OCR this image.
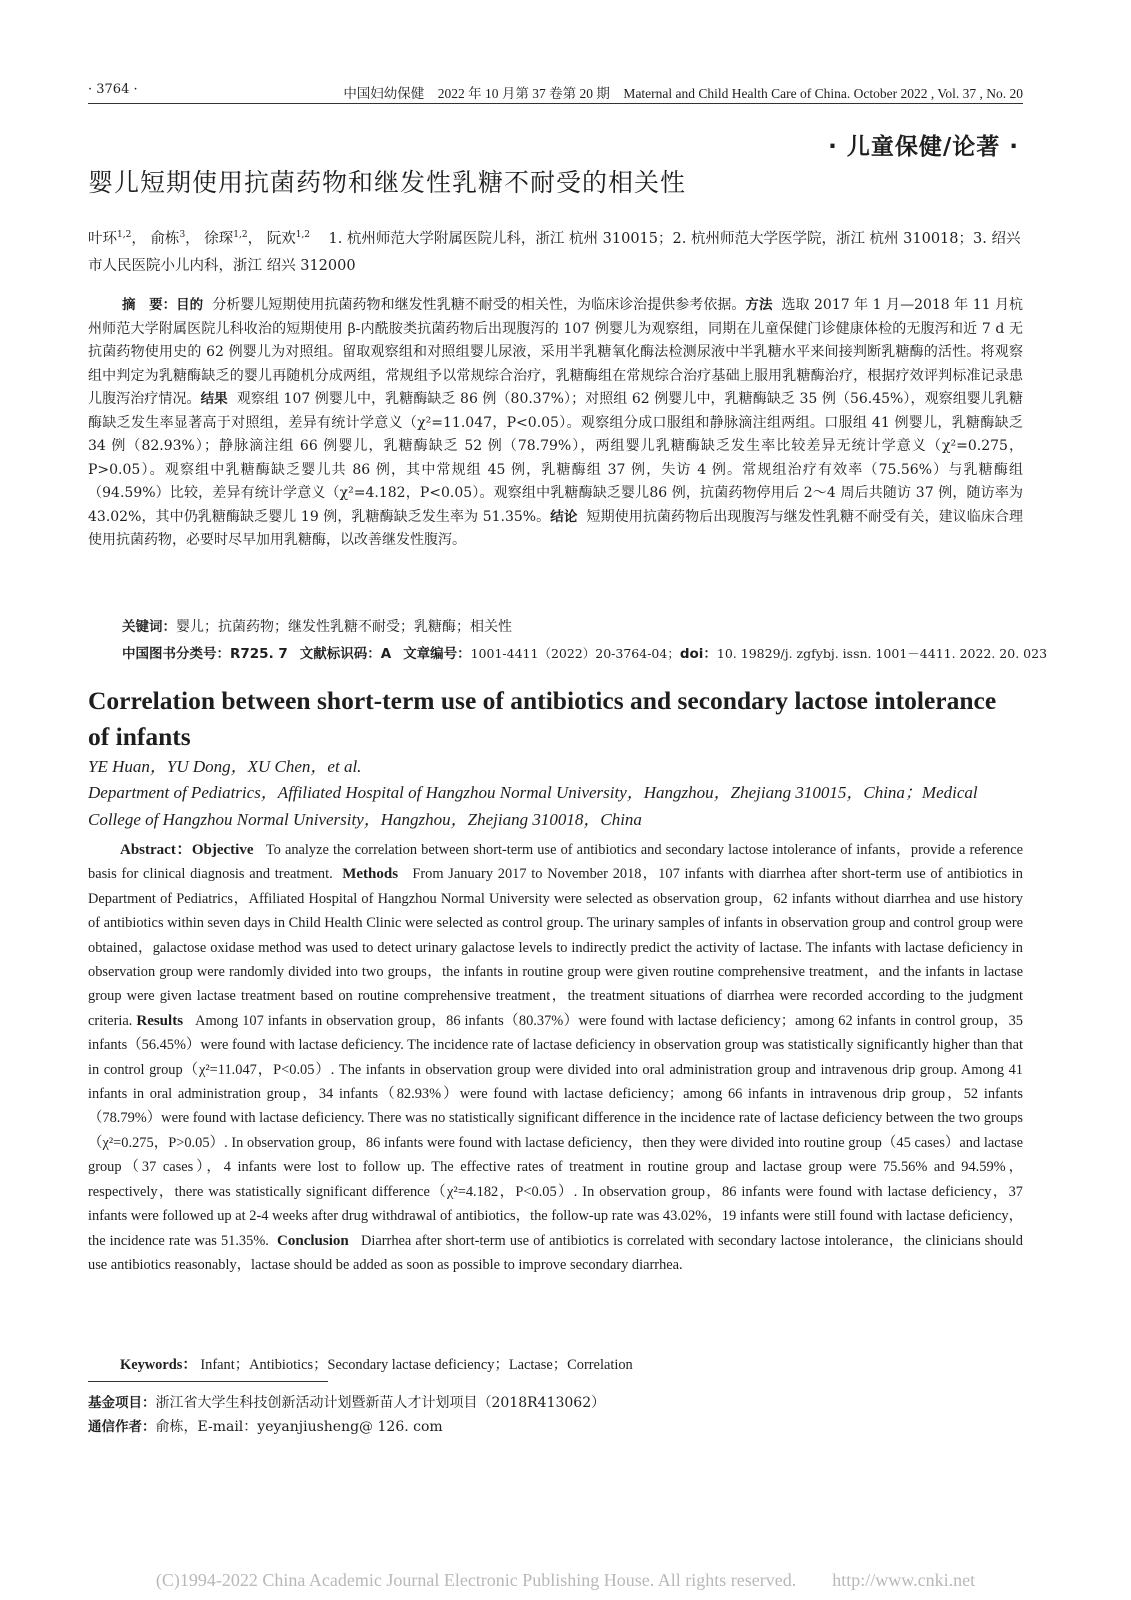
· 3764 ·	中国妇幼保健　2022 年 10 月第 37 卷第 20 期　Maternal and Child Health Care of China. October 2022 , Vol. 37 , No. 20
· 儿童保健/论著 ·
婴儿短期使用抗菌药物和继发性乳糖不耐受的相关性
叶环$^{1,2}$， 俞栋$^3$， 徐琛$^{1,2}$， 阮欢$^{1,2}$ 1. 杭州师范大学附属医院儿科，浙江 杭州 310015；2. 杭州师范大学医学院，浙江 杭州 310018；3. 绍兴市人民医院小儿内科，浙江 绍兴 312000
摘　要：目的 分析婴儿短期使用抗菌药物和继发性乳糖不耐受的相关性，为临床诊治提供参考依据。方法 选取 2017 年 1 月—2018 年 11 月杭州师范大学附属医院儿科收治的短期使用 β-内酰胺类抗菌药物后出现腹泻的 107 例婴儿为观察组，同期在儿童保健门诊健康体检的无腹泻和近 7 d 无抗菌药物使用史的 62 例婴儿为对照组。留取观察组和对照组婴儿尿液，采用半乳糖氧化酶法检测尿液中半乳糖水平来间接判断乳糖酶的活性。将观察组中判定为乳糖酶缺乏的婴儿再随机分成两组，常规组予以常规综合治疗，乳糖酶组在常规综合治疗基础上服用乳糖酶治疗，根据疗效评判标准记录患儿腹泻治疗情况。结果 观察组 107 例婴儿中，乳糖酶缺乏 86 例（80.37%）；对照组 62 例婴儿中，乳糖酶缺乏 35 例（56.45%），观察组婴儿乳糖酶缺乏发生率显著高于对照组，差异有统计学意义（χ²=11.047，P<0.05）。观察组分成口服组和静脉滴注组两组。口服组 41 例婴儿，乳糖酶缺乏 34 例（82.93%）；静脉滴注组 66 例婴儿，乳糖酶缺乏 52 例（78.79%），两组婴儿乳糖酶缺乏发生率比较差异无统计学意义（χ²=0.275，P>0.05）。观察组中乳糖酶缺乏婴儿共 86 例，其中常规组 45 例，乳糖酶组 37 例，失访 4 例。常规组治疗有效率（75.56%）与乳糖酶组（94.59%）比较，差异有统计学意义（χ²=4.182，P<0.05）。观察组中乳糖酶缺乏婴儿86 例，抗菌药物停用后 2～4 周后共随访 37 例，随访率为 43.02%，其中仍乳糖酶缺乏婴儿 19 例，乳糖酶缺乏发生率为 51.35%。结论 短期使用抗菌药物后出现腹泻与继发性乳糖不耐受有关，建议临床合理使用抗菌药物，必要时尽早加用乳糖酶，以改善继发性腹泻。
关键词：婴儿；抗菌药物；继发性乳糖不耐受；乳糖酶；相关性
中国图书分类号：R725. 7 文献标识码：A 文章编号：1001-4411（2022）20-3764-04；doi：10. 19829/j. zgfybj. issn. 1001－4411. 2022. 20. 023
Correlation between short-term use of antibiotics and secondary lactose intolerance of infants
YE Huan，YU Dong，XU Chen，et al.
Department of Pediatrics，Affiliated Hospital of Hangzhou Normal University，Hangzhou，Zhejiang 310015，China；Medical College of Hangzhou Normal University，Hangzhou，Zhejiang 310018，China
Abstract：Objective To analyze the correlation between short-term use of antibiotics and secondary lactose intolerance of infants，provide a reference basis for clinical diagnosis and treatment. Methods From January 2017 to November 2018，107 infants with diarrhea after short-term use of antibiotics in Department of Pediatrics，Affiliated Hospital of Hangzhou Normal University were selected as observation group，62 infants without diarrhea and use history of antibiotics within seven days in Child Health Clinic were selected as control group. The urinary samples of infants in observation group and control group were obtained，galactose oxidase method was used to detect urinary galactose levels to indirectly predict the activity of lactase. The infants with lactase deficiency in observation group were randomly divided into two groups，the infants in routine group were given routine comprehensive treatment，and the infants in lactase group were given lactase treatment based on routine comprehensive treatment，the treatment situations of diarrhea were recorded according to the judgment criteria. Results Among 107 infants in observation group，86 infants（80.37%）were found with lactase deficiency；among 62 infants in control group，35 infants（56.45%）were found with lactase deficiency. The incidence rate of lactase deficiency in observation group was statistically significantly higher than that in control group（χ²=11.047，P<0.05）. The infants in observation group were divided into oral administration group and intravenous drip group. Among 41 infants in oral administration group，34 infants（82.93%）were found with lactase deficiency；among 66 infants in intravenous drip group，52 infants（78.79%）were found with lactase deficiency. There was no statistically significant difference in the incidence rate of lactase deficiency between the two groups（χ²=0.275，P>0.05）. In observation group，86 infants were found with lactase deficiency，then they were divided into routine group（45 cases）and lactase group（37 cases），4 infants were lost to follow up. The effective rates of treatment in routine group and lactase group were 75.56% and 94.59%，respectively，there was statistically significant difference（χ²=4.182，P<0.05）. In observation group，86 infants were found with lactase deficiency，37 infants were followed up at 2-4 weeks after drug withdrawal of antibiotics，the follow-up rate was 43.02%，19 infants were still found with lactase deficiency，the incidence rate was 51.35%. Conclusion Diarrhea after short-term use of antibiotics is correlated with secondary lactose intolerance，the clinicians should use antibiotics reasonably，lactase should be added as soon as possible to improve secondary diarrhea.
Keywords： Infant；Antibiotics；Secondary lactase deficiency；Lactase；Correlation
基金项目：浙江省大学生科技创新活动计划暨新苗人才计划项目（2018R413062）
通信作者：俞栋，E-mail：yeyanjiusheng@ 126. com
(C)1994-2022 China Academic Journal Electronic Publishing House. All rights reserved.　　http://www.cnki.net
